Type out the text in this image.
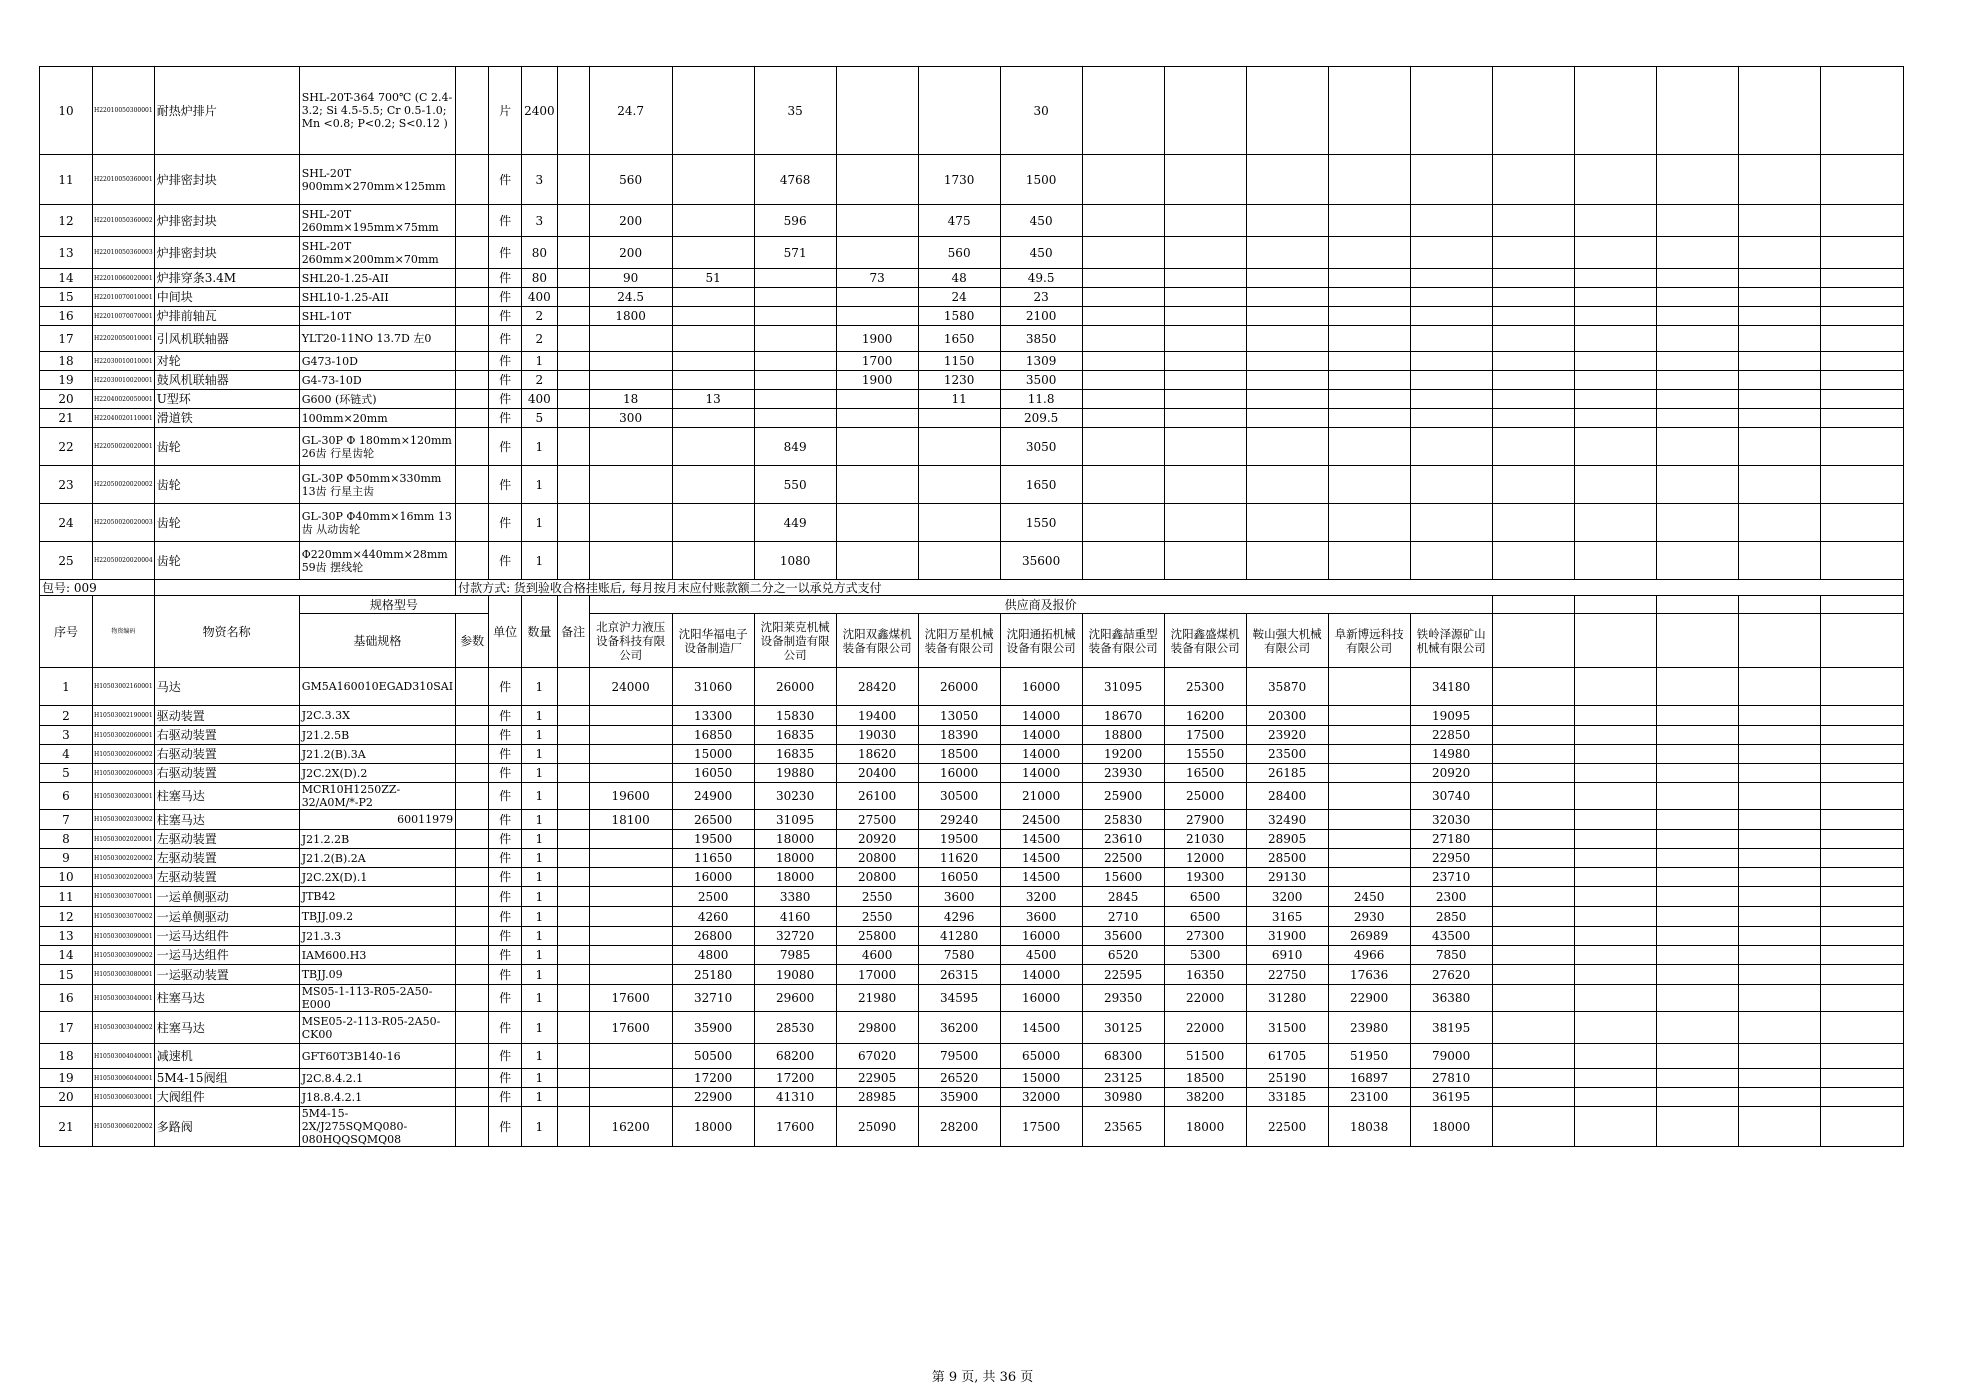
10	H22010050300001	耐热炉排片	SHL-20T-364 700℃ (C 2.4-3.2; Si 4.5-5.5; Cr 0.5-1.0; Mn <0.8; P<0.2; S<0.12 )		片	2400		24.7		35			30										
11	H22010050360001	炉排密封块	SHL-20T 900mm×270mm×125mm		件	3		560		4768		1730	1500										
12	H22010050360002	炉排密封块	SHL-20T 260mm×195mm×75mm		件	3		200		596		475	450										
13	H22010050360003	炉排密封块	SHL-20T 260mm×200mm×70mm		件	80		200		571		560	450										
14	H22010060020001	炉排穿条3.4M	SHL20-1.25-AII		件	80		90	51		73	48	49.5										
15	H22010070010001	中间块	SHL10-1.25-AII		件	400		24.5				24	23										
16	H22010070070001	炉排前轴瓦	SHL-10T		件	2		1800				1580	2100										
17	H22020050010001	引风机联轴器	YLT20-11NO 13.7D 左0		件	2					1900	1650	3850										
18	H22030010010001	对轮	G473-10D		件	1					1700	1150	1309										
19	H22030010020001	鼓风机联轴器	G4-73-10D		件	2					1900	1230	3500										
20	H22040020050001	U型环	G600 (环链式)		件	400		18	13			11	11.8										
21	H22040020110001	滑道铁	100mm×20mm		件	5		300					209.5										
22	H22050020020001	齿轮	GL-30P Φ 180mm×120mm 26齿 行星齿轮		件	1				849			3050										
23	H22050020020002	齿轮	GL-30P Φ50mm×330mm 13齿 行星主齿		件	1				550			1650										
24	H22050020020003	齿轮	GL-30P Φ40mm×16mm 13齿 从动齿轮		件	1				449			1550										
25	H22050020020004	齿轮	Φ220mm×440mm×28mm 59齿 摆线轮		件	1				1080			35600										
包号: 009				付款方式: 货到验收合格挂账后, 每月按月末应付账款额二分之一以承兑方式支付																			
序号	物资编码	物资名称	规格型号		单位	数量	备注	供应商及报价															
			基础规格	参数				北京沪力液压设备科技有限公司	沈阳华福电子设备制造厂	沈阳莱克机械设备制造有限公司	沈阳双鑫煤机装备有限公司	沈阳万星机械装备有限公司	沈阳通拓机械设备有限公司	沈阳鑫喆重型装备有限公司	沈阳鑫盛煤机装备有限公司	鞍山强大机械有限公司	阜新博远科技有限公司	铁岭泽源矿山机械有限公司					
1	H10503002160001	马达	GM5A160010EGAD310SAI		件	1		24000	31060	26000	28420	26000	16000	31095	25300	35870		34180					
2	H10503002190001	驱动装置	J2C.3.3X		件	1			13300	15830	19400	13050	14000	18670	16200	20300		19095					
3	H10503002060001	右驱动装置	J21.2.5B		件	1			16850	16835	19030	18390	14000	18800	17500	23920		22850					
4	H10503002060002	右驱动装置	J21.2(B).3A		件	1			15000	16835	18620	18500	14000	19200	15550	23500		14980					
5	H10503002060003	右驱动装置	J2C.2X(D).2		件	1			16050	19880	20400	16000	14000	23930	16500	26185		20920					
6	H10503002030001	柱塞马达	MCR10H1250ZZ-32/A0M/*-P2		件	1		19600	24900	30230	26100	30500	21000	25900	25000	28400		30740					
7	H10503002030002	柱塞马达	60011979		件	1		18100	26500	31095	27500	29240	24500	25830	27900	32490		32030					
8	H10503002020001	左驱动装置	J21.2.2B		件	1			19500	18000	20920	19500	14500	23610	21030	28905		27180					
9	H10503002020002	左驱动装置	J21.2(B).2A		件	1			11650	18000	20800	11620	14500	22500	12000	28500		22950					
10	H10503002020003	左驱动装置	J2C.2X(D).1		件	1			16000	18000	20800	16050	14500	15600	19300	29130		23710					
11	H10503003070001	一运单侧驱动	JTB42		件	1			2500	3380	2550	3600	3200	2845	6500	3200	2450	2300					
12	H10503003070002	一运单侧驱动	TBJJ.09.2		件	1			4260	4160	2550	4296	3600	2710	6500	3165	2930	2850					
13	H10503003090001	一运马达组件	J21.3.3		件	1			26800	32720	25800	41280	16000	35600	27300	31900	26989	43500					
14	H10503003090002	一运马达组件	IAM600.H3		件	1			4800	7985	4600	7580	4500	6520	5300	6910	4966	7850					
15	H10503003080001	一运驱动装置	TBJJ.09		件	1			25180	19080	17000	26315	14000	22595	16350	22750	17636	27620					
16	H10503003040001	柱塞马达	MS05-1-113-R05-2A50-E000		件	1		17600	32710	29600	21980	34595	16000	29350	22000	31280	22900	36380					
17	H10503003040002	柱塞马达	MSE05-2-113-R05-2A50-CK00		件	1		17600	35900	28530	29800	36200	14500	30125	22000	31500	23980	38195					
18	H10503004040001	减速机	GFT60T3B140-16		件	1			50500	68200	67020	79500	65000	68300	51500	61705	51950	79000					
19	H10503006040001	5M4-15阀组	J2C.8.4.2.1		件	1			17200	17200	22905	26520	15000	23125	18500	25190	16897	27810					
20	H10503006030001	大阀组件	J18.8.4.2.1		件	1			22900	41310	28985	35900	32000	30980	38200	33185	23100	36195					
21	H10503006020002	多路阀	5M4-15-2X/J275SQMQ080-080HQQSQMQ08		件	1		16200	18000	17600	25090	28200	17500	23565	18000	22500	18038	18000					
第 9 页, 共 36 页
